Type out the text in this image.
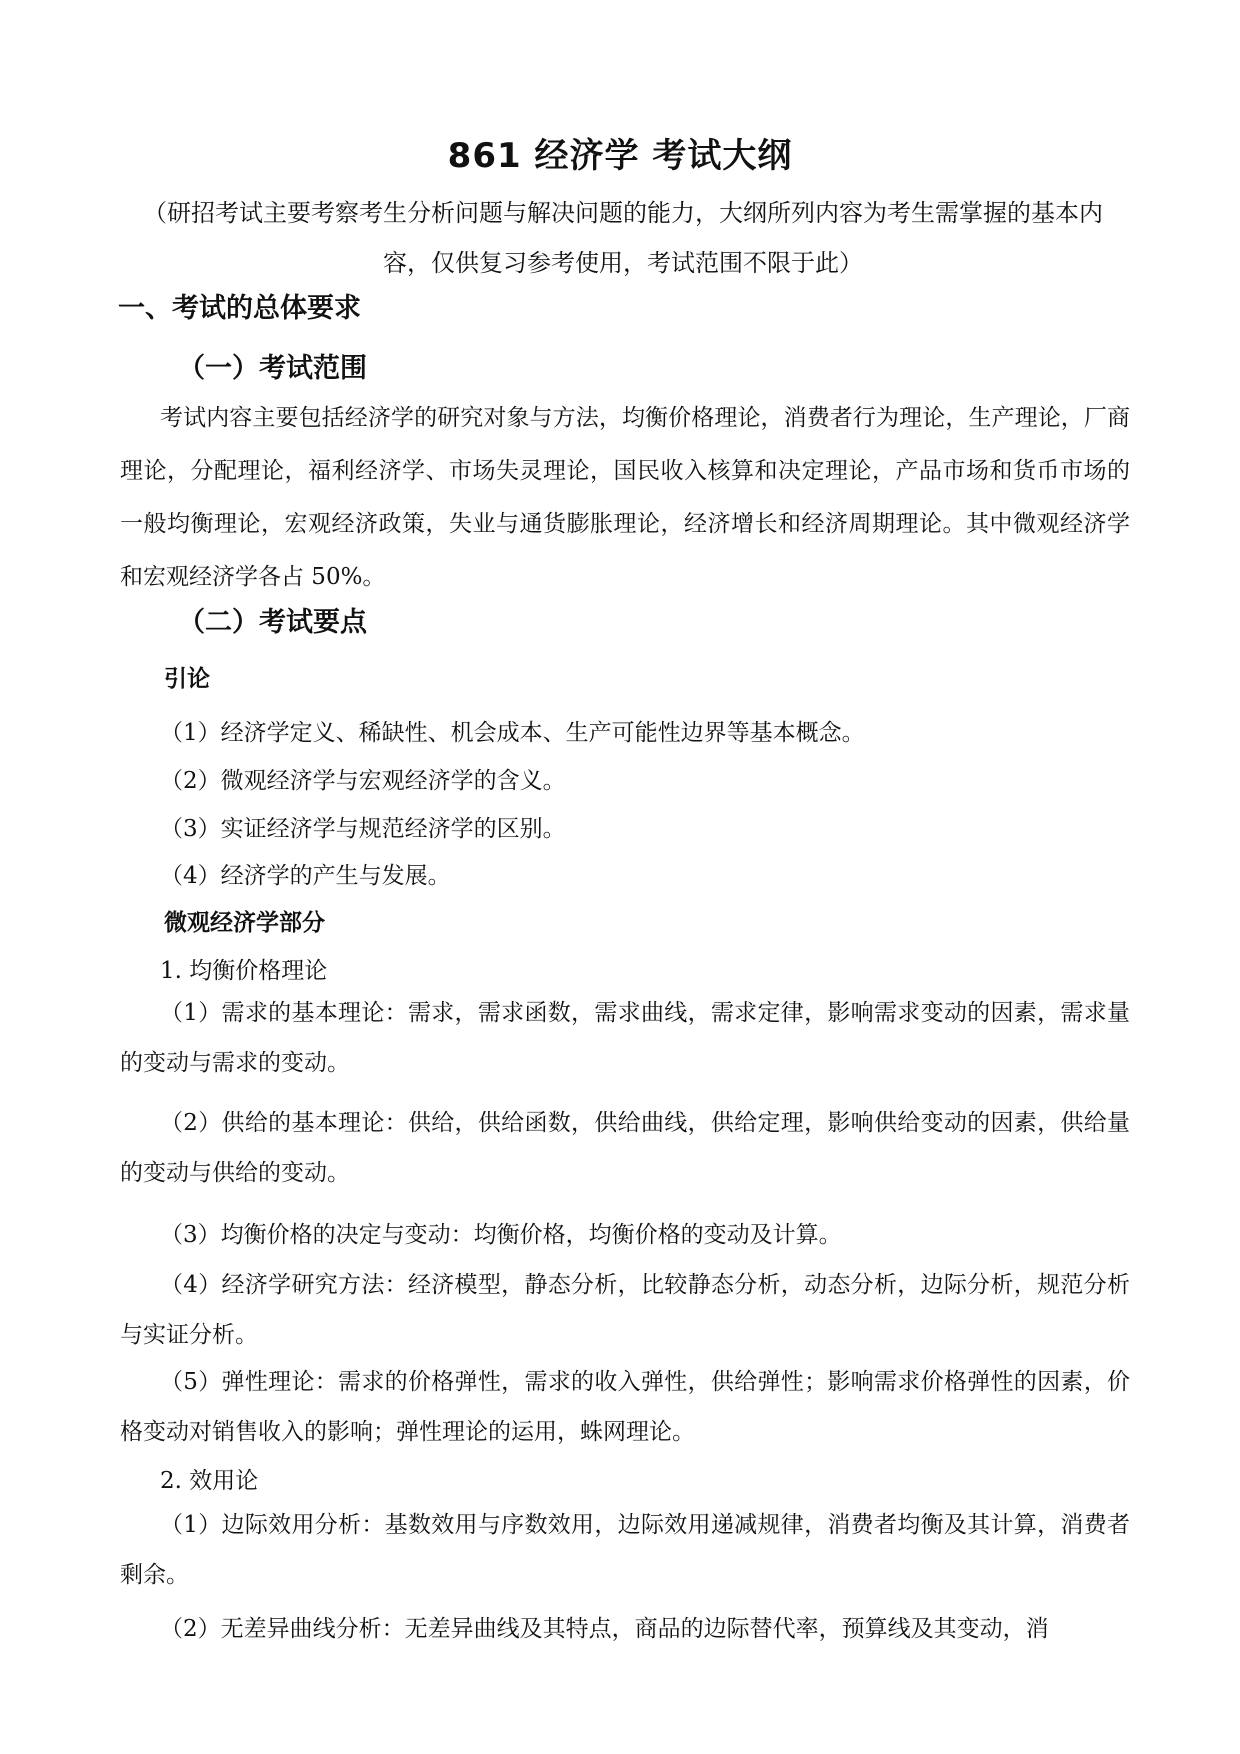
861 经济学 考试大纲
（研招考试主要考察考生分析问题与解决问题的能力，大纲所列内容为考生需掌握的基本内
容，仅供复习参考使用，考试范围不限于此）
一、考试的总体要求
（一）考试范围
考试内容主要包括经济学的研究对象与方法，均衡价格理论，消费者行为理论，生产理论，厂商理论，分配理论，福利经济学、市场失灵理论，国民收入核算和决定理论，产品市场和货币市场的一般均衡理论，宏观经济政策，失业与通货膨胀理论，经济增长和经济周期理论。其中微观经济学和宏观经济学各占 50%。
（二）考试要点
引论
（1）经济学定义、稀缺性、机会成本、生产可能性边界等基本概念。
（2）微观经济学与宏观经济学的含义。
（3）实证经济学与规范经济学的区别。
（4）经济学的产生与发展。
微观经济学部分
1. 均衡价格理论
（1）需求的基本理论：需求，需求函数，需求曲线，需求定律，影响需求变动的因素，需求量的变动与需求的变动。
（2）供给的基本理论：供给，供给函数，供给曲线，供给定理，影响供给变动的因素，供给量的变动与供给的变动。
（3）均衡价格的决定与变动：均衡价格，均衡价格的变动及计算。
（4）经济学研究方法：经济模型，静态分析，比较静态分析，动态分析，边际分析，规范分析与实证分析。
（5）弹性理论：需求的价格弹性，需求的收入弹性，供给弹性；影响需求价格弹性的因素，价格变动对销售收入的影响；弹性理论的运用，蛛网理论。
2. 效用论
（1）边际效用分析：基数效用与序数效用，边际效用递减规律，消费者均衡及其计算，消费者剩余。
（2）无差异曲线分析：无差异曲线及其特点，商品的边际替代率，预算线及其变动，消
